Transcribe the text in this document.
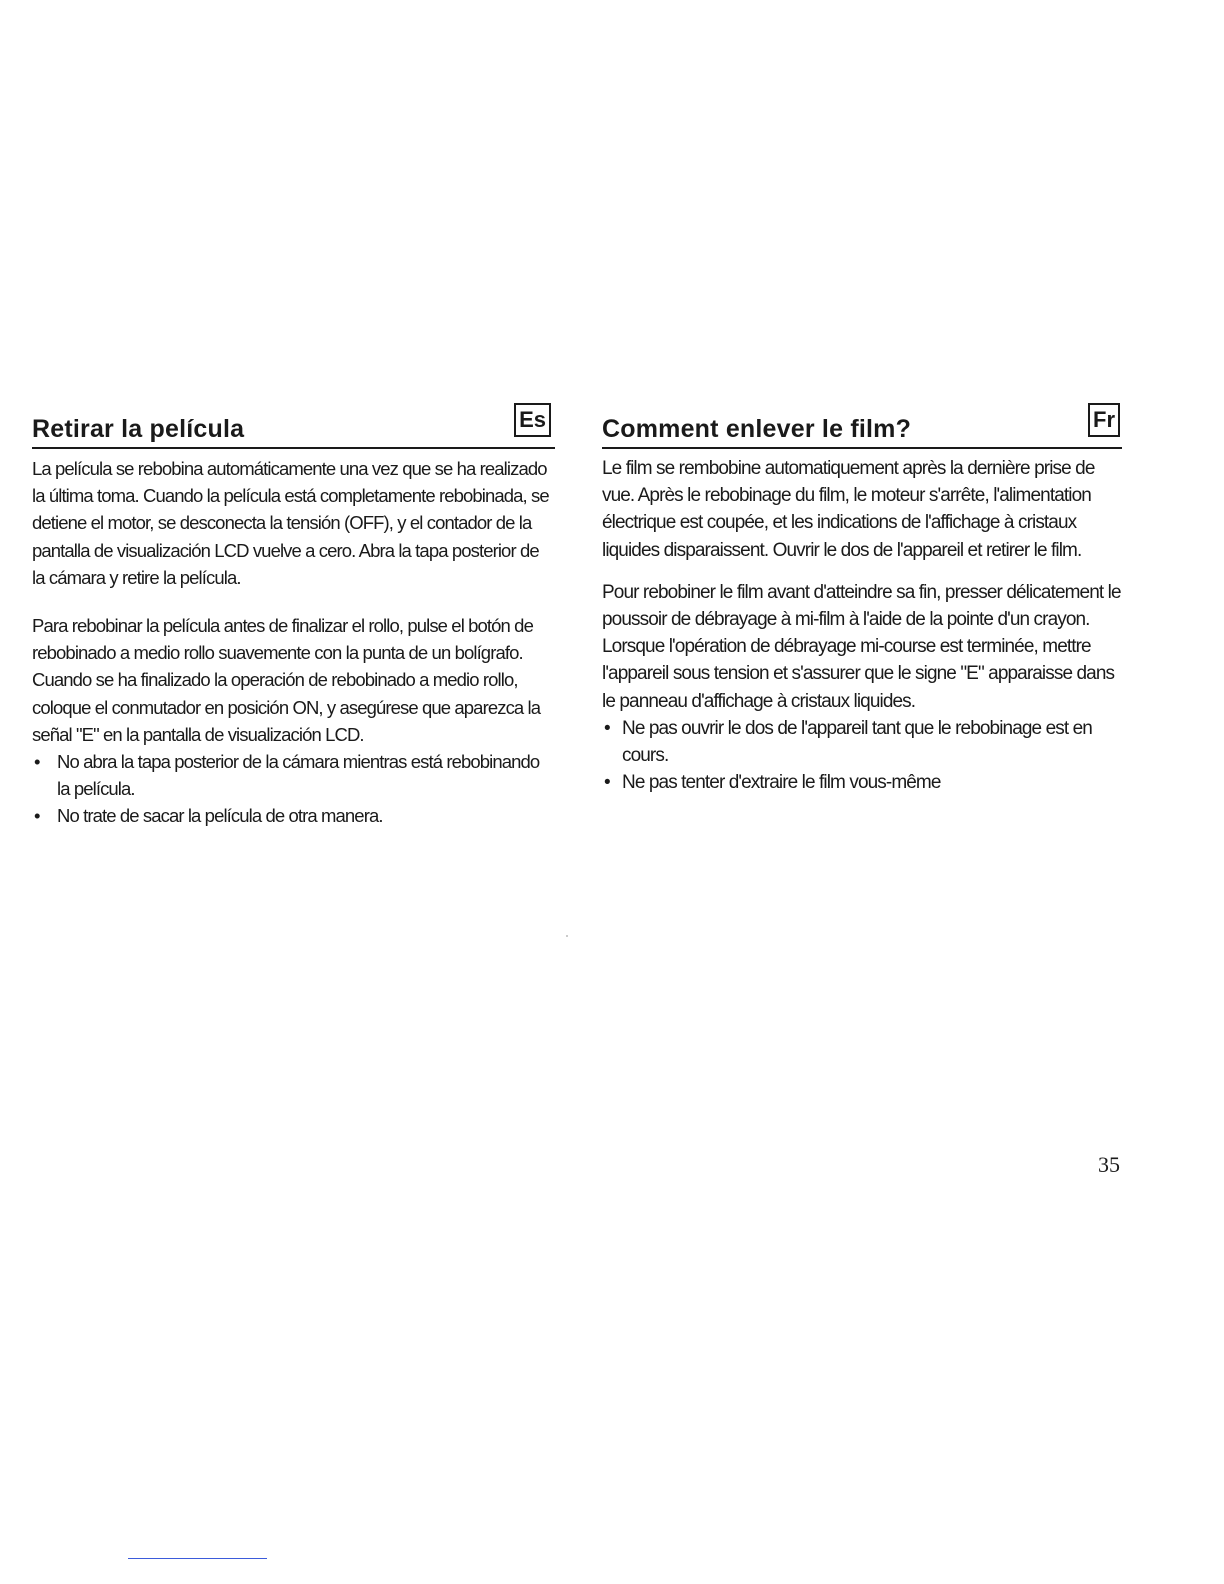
Retirar la película	Es

La película se rebobina automáticamente una vez que se ha realizado la última toma. Cuando la película está completamente rebobinada, se detiene el motor, se desconecta la tensión (OFF), y el contador de la pantalla de visualización LCD vuelve a cero. Abra la tapa posterior de la cámara y retire la película.

Para rebobinar la película antes de finalizar el rollo, pulse el botón de rebobinado a medio rollo suavemente con la punta de un bolígrafo. Cuando se ha finalizado la operación de rebobinado a medio rollo, coloque el conmutador en posición ON, y asegúrese que aparezca la señal "E" en la pantalla de visualización LCD.

• No abra la tapa posterior de la cámara mientras está rebobinando la película.
• No trate de sacar la película de otra manera.
Comment enlever le film?	Fr

Le film se rembobine automatiquement après la dernière prise de vue. Après le rebobinage du film, le moteur s'arrête, l'alimentation électrique est coupée, et les indications de l'affichage à cristaux liquides disparaissent. Ouvrir le dos de l'appareil et retirer le film.

Pour rebobiner le film avant d'atteindre sa fin, presser délicatement le poussoir de débrayage à mi-film à l'aide de la pointe d'un crayon. Lorsque l'opération de débrayage mi-course est terminée, mettre l'appareil sous tension et s'assurer que le signe "E" apparaisse dans le panneau d'affichage à cristaux liquides.

• Ne pas ouvrir le dos de l'appareil tant que le rebobinage est en cours.
• Ne pas tenter d'extraire le film vous-même
35
